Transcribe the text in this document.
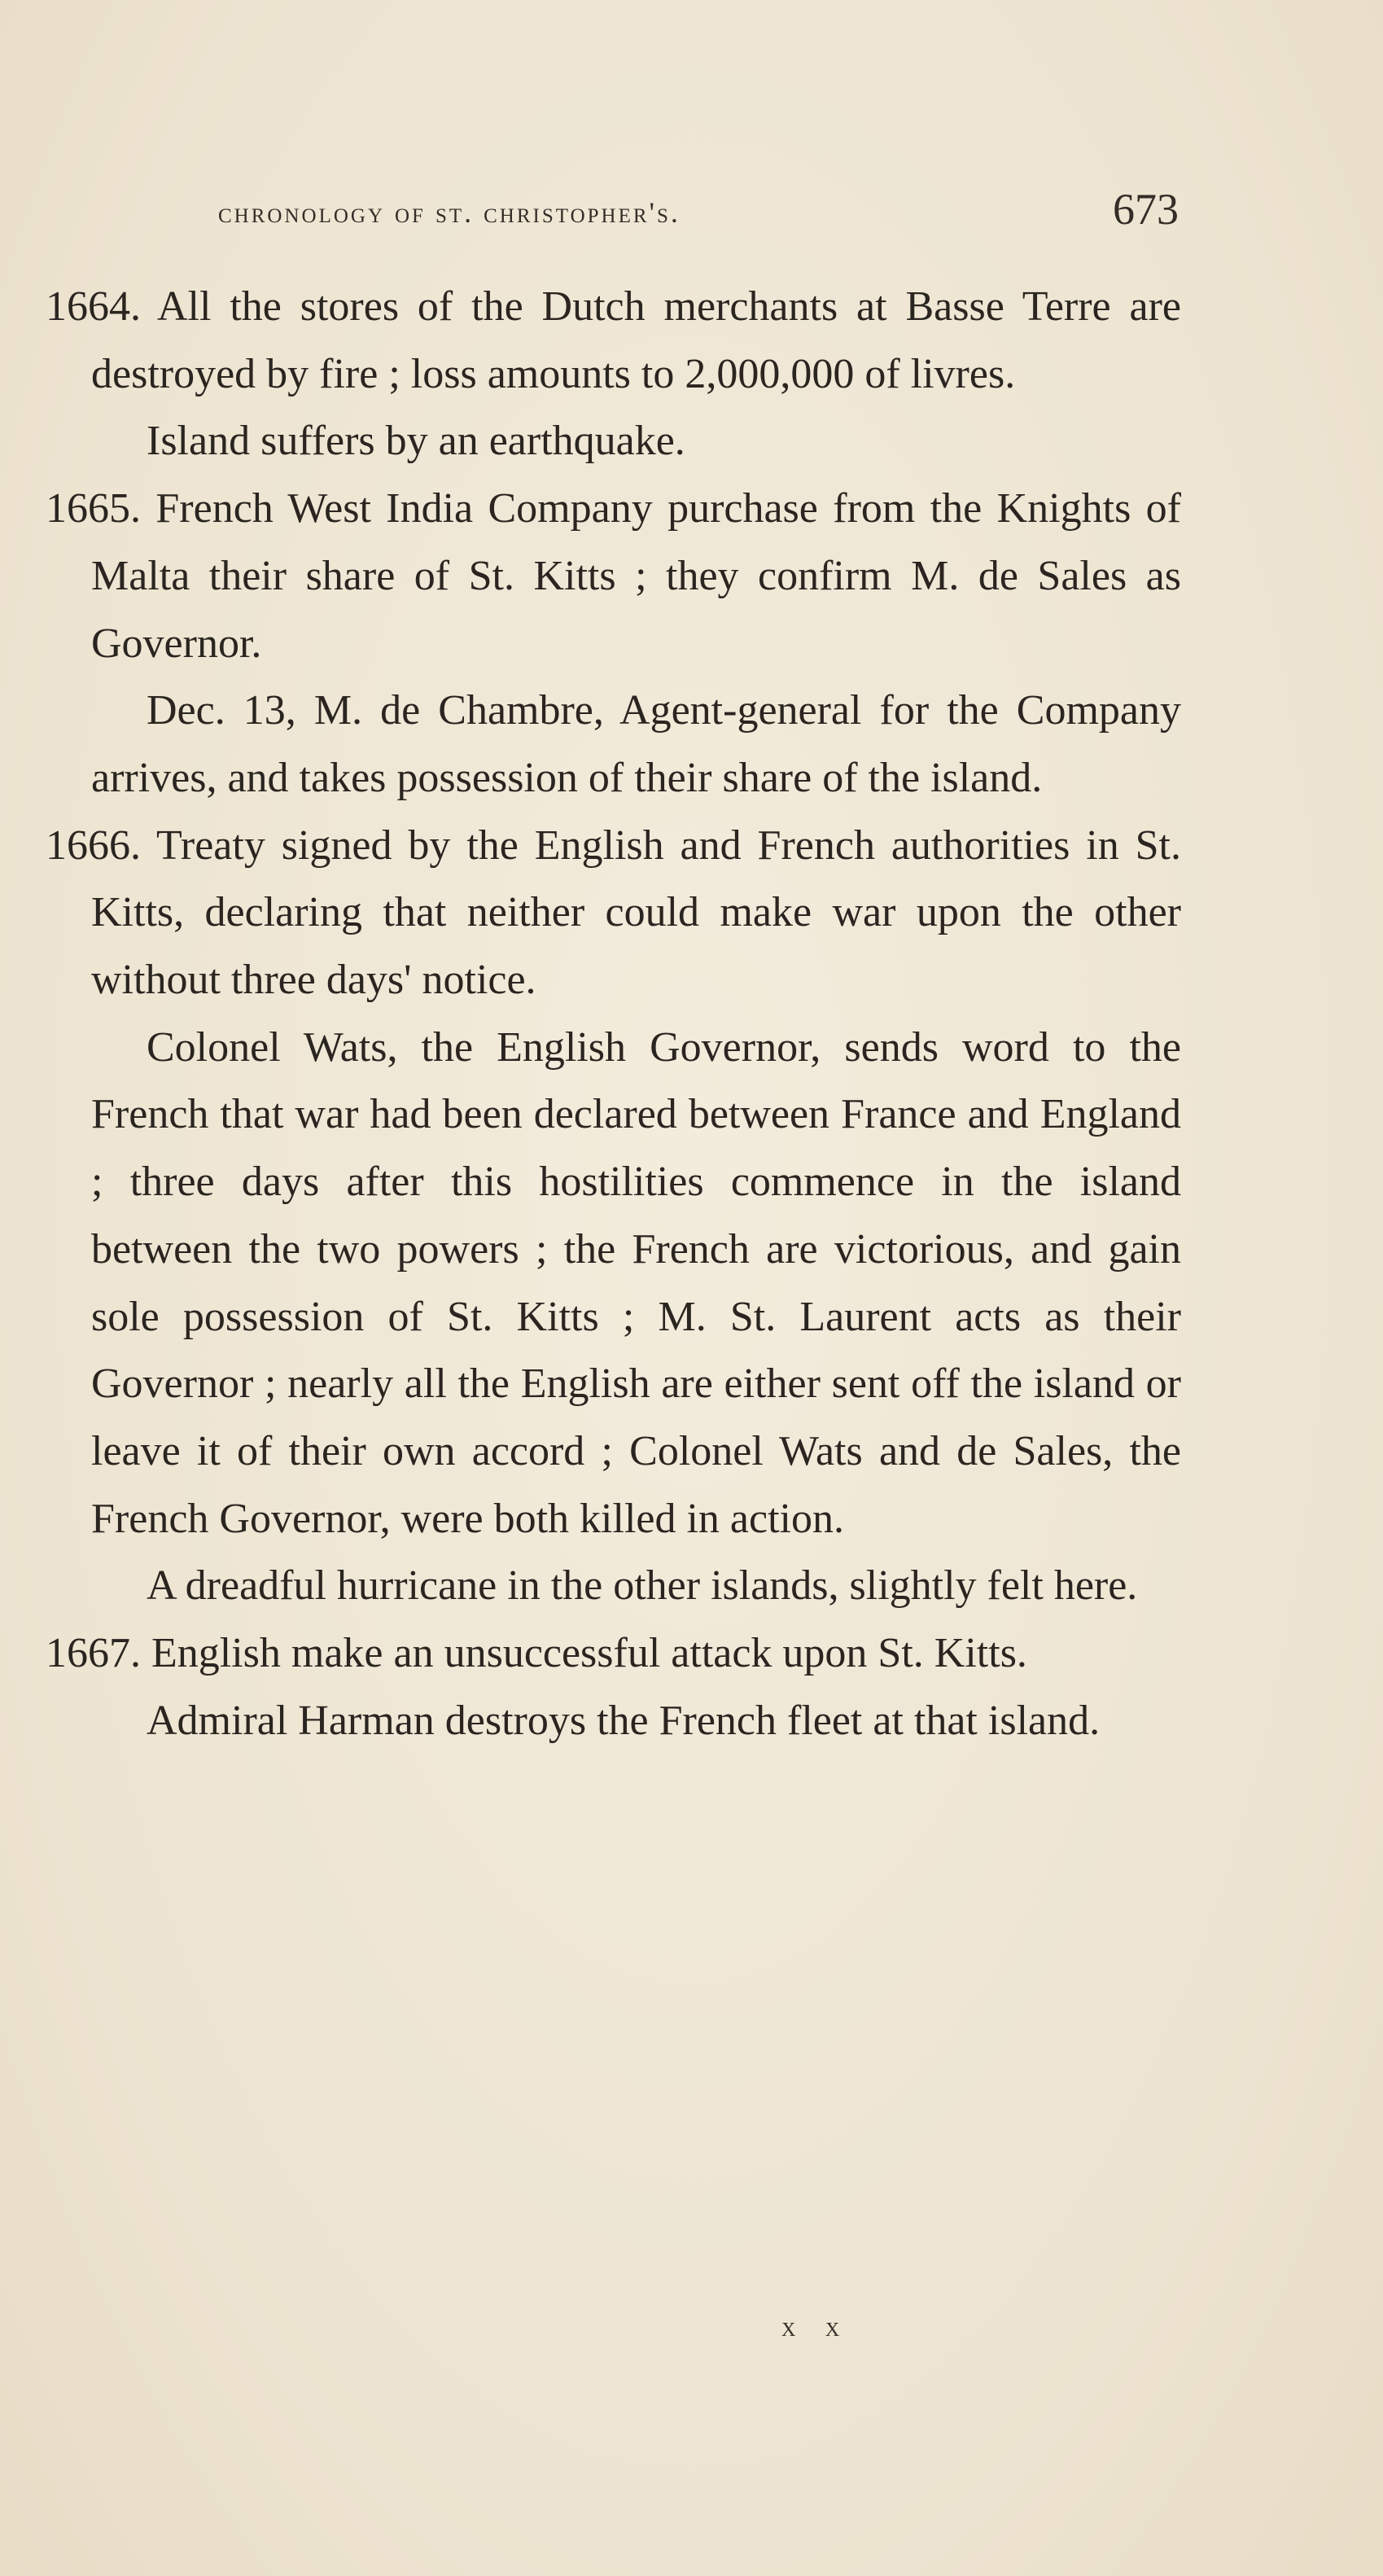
chronology of st. christopher's.	673

1664. All the stores of the Dutch merchants at Basse Terre are destroyed by fire ; loss amounts to 2,000,000 of livres.

Island suffers by an earthquake.

1665. French West India Company purchase from the Knights of Malta their share of St. Kitts ; they confirm M. de Sales as Governor.

Dec. 13, M. de Chambre, Agent-general for the Company arrives, and takes possession of their share of the island.

1666. Treaty signed by the English and French authorities in St. Kitts, declaring that neither could make war upon the other without three days' notice.

Colonel Wats, the English Governor, sends word to the French that war had been declared between France and England ; three days after this hostilities commence in the island between the two powers ; the French are victorious, and gain sole possession of St. Kitts ; M. St. Laurent acts as their Governor ; nearly all the English are either sent off the island or leave it of their own accord ; Colonel Wats and de Sales, the French Governor, were both killed in action.

A dreadful hurricane in the other islands, slightly felt here.

1667. English make an unsuccessful attack upon St. Kitts.

Admiral Harman destroys the French fleet at that island.

x x
